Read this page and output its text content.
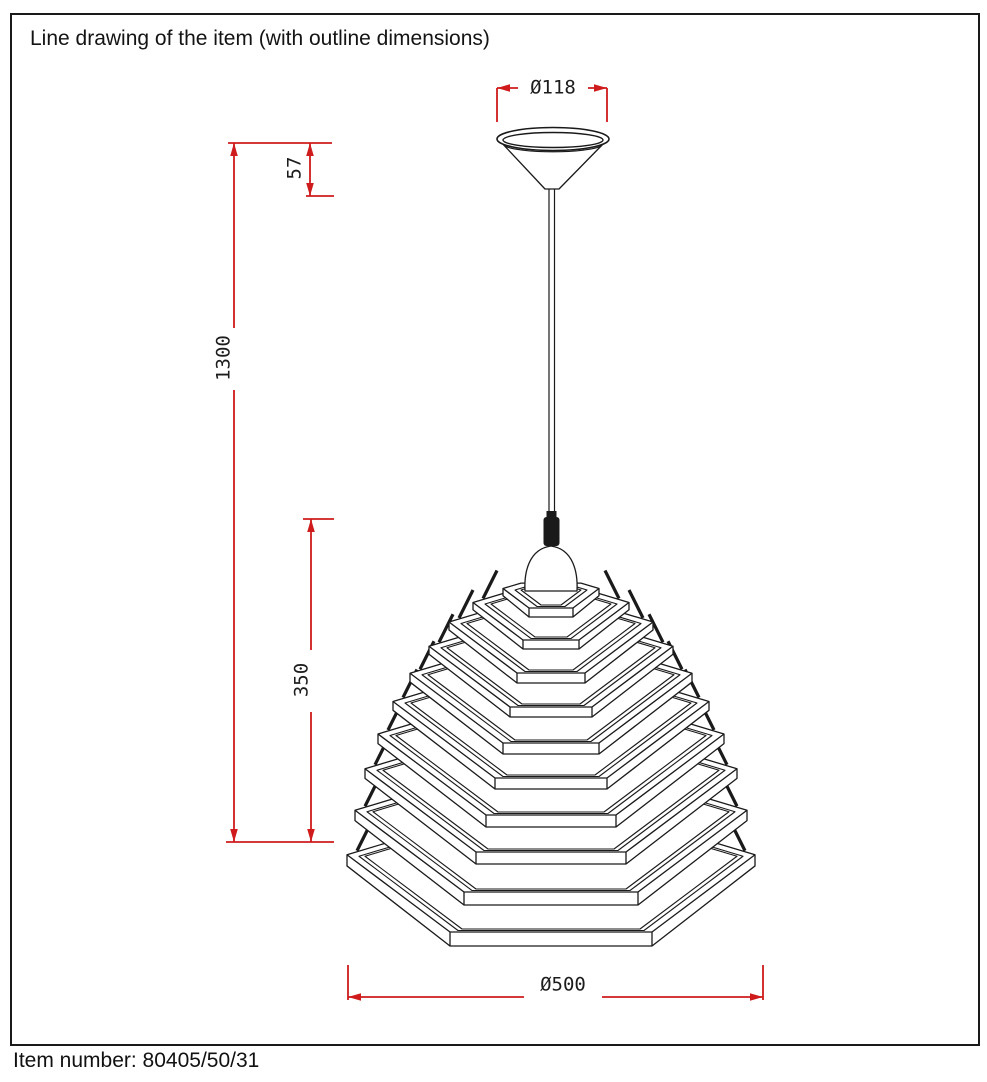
Line drawing of the item (with outline dimensions)
Ø118
57
1300
350
Ø500
Item number: 80405/50/31
